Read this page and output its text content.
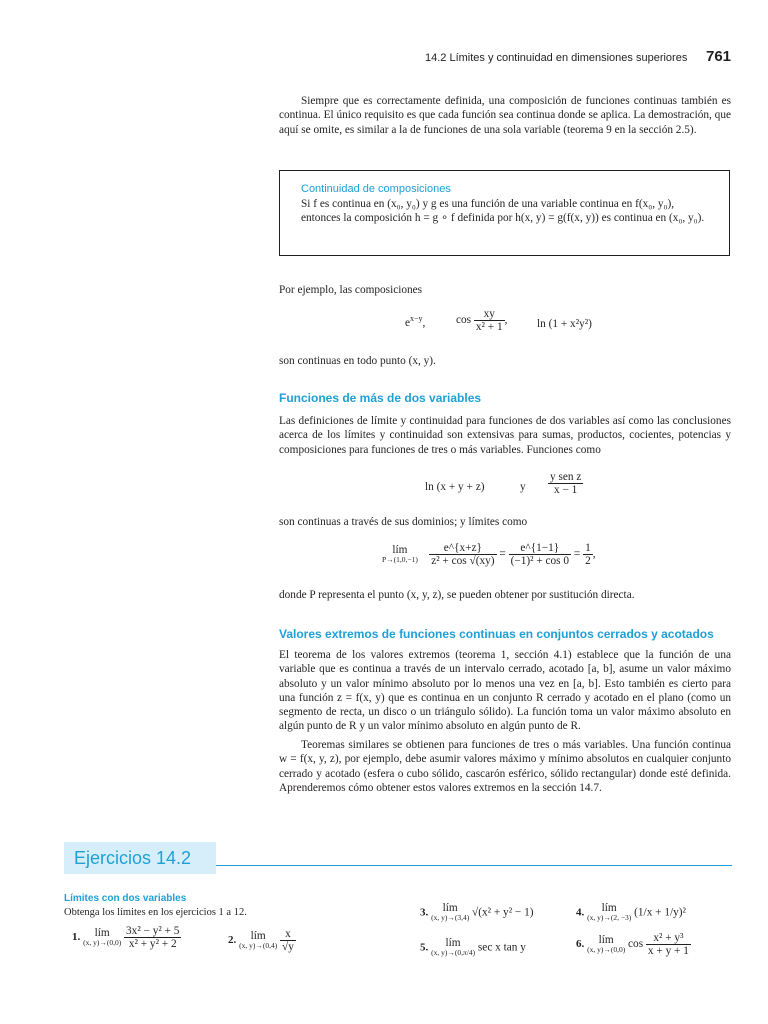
14.2 Límites y continuidad en dimensiones superiores 761
Siempre que es correctamente definida, una composición de funciones continuas también es continua. El único requisito es que cada función sea continua donde se aplica. La demostración, que aquí se omite, es similar a la de funciones de una sola variable (teorema 9 en la sección 2.5).
Continuidad de composiciones
Si f es continua en (x₀, y₀) y g es una función de una variable continua en f(x₀, y₀), entonces la composición h = g ∘ f definida por h(x, y) = g(f(x, y)) es continua en (x₀, y₀).
Por ejemplo, las composiciones
$e^{x-y}$,	$\cos \frac{xy}{\text{x² + 1}}$ ,	ln (1 + x²y²)
son continuas en todo punto (x, y).
Funciones de más de dos variables
Las definiciones de límite y continuidad para funciones de dos variables así como las conclusiones acerca de los límites y continuidad son extensivas para sumas, productos, cocientes, potencias y composiciones para funciones de tres o más variables. Funciones como
ln (x + y + z)	y $\frac{\text{y sen z}}{x - 1}$
son continuas a través de sus dominios; y límites como
lím
P→(1,0,−1)
$\frac{e\^{}\{x+z\}}{\text{z² + cos √(xy)}} = \frac{e\^{}\{1-1\}}{\text{(−1)² + cos 0}} = \frac{1}{2}$ ,
donde P representa el punto (x, y, z), se pueden obtener por sustitución directa.
Valores extremos de funciones continuas en conjuntos cerrados y acotados
El teorema de los valores extremos (teorema 1, sección 4.1) establece que la función de una variable que es continua a través de un intervalo cerrado, acotado [a, b], asume un valor máximo absoluto y un valor mínimo absoluto por lo menos una vez en [a, b]. Esto también es cierto para una función z = f(x, y) que es continua en un conjunto R cerrado y acotado en el plano (como un segmento de recta, un disco o un triángulo sólido). La función toma un valor máximo absoluto en algún punto de R y un valor mínimo absoluto en algún punto de R.
Teoremas similares se obtienen para funciones de tres o más variables. Una función continua w = f(x, y, z), por ejemplo, debe asumir valores máximo y mínimo absolutos en cualquier conjunto cerrado y acotado (esfera o cubo sólido, cascarón esférico, sólido rectangular) donde esté definida. Aprenderemos cómo obtener estos valores extremos en la sección 14.7.
Ejercicios 14.2
Límites con dos variables
Obtenga los límites en los ejercicios 1 a 12.
1. lím
(x, y)→(0,0)
$\frac{\text{3x² − y² + 5}}{\text{x² + y² + 2}}$	2. lím
(x, y)→(0,4)
$\frac{x}{√y}$
3. lím
(x, y)→(3,4) √(x² + y² − 1)	4. lím
(x, y)→(2, −3) (1/x + 1/y)²
5. lím
(x, y)→(0,π/4) sec x tan y	6. lím
(x, y)→(0,0) $\cos \frac{\text{x² + y³}}{x + y + 1}$
